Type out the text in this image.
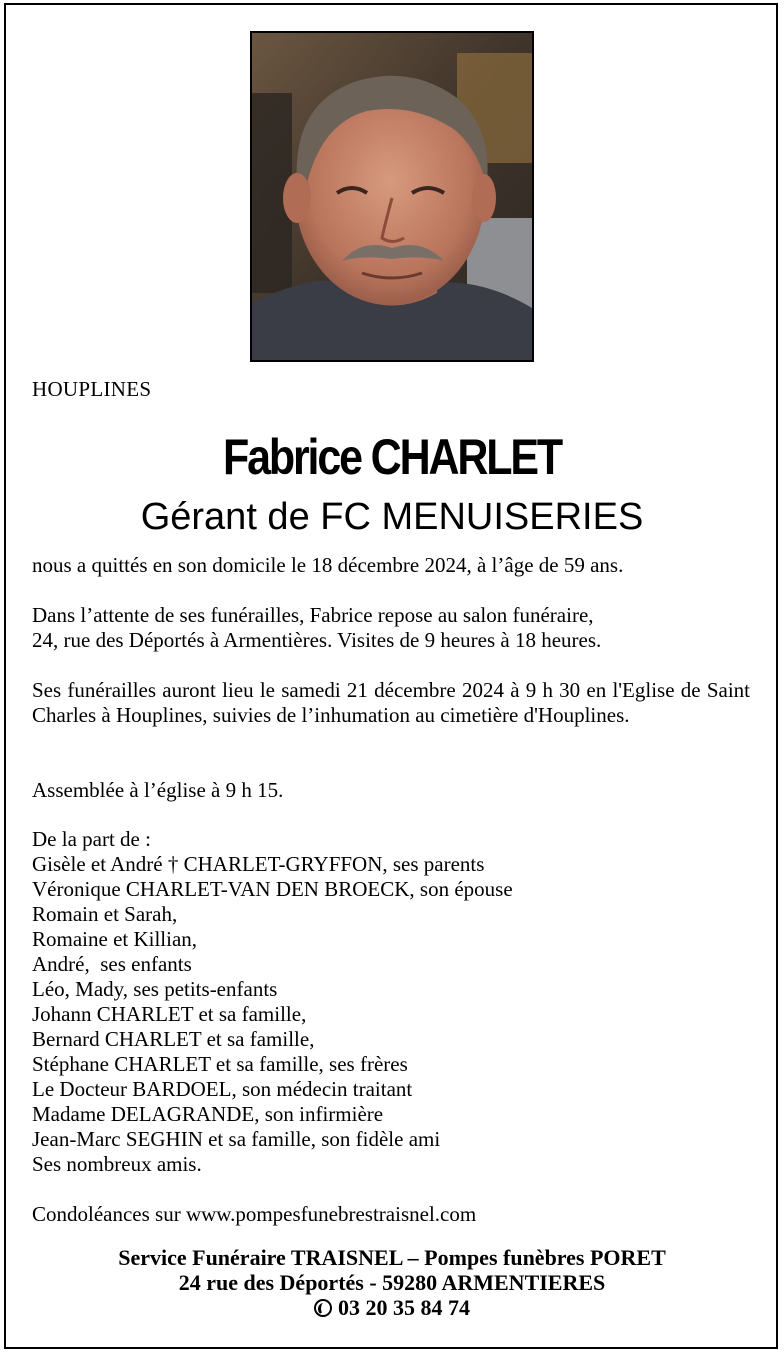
HOUPLINES
Fabrice CHARLET
Gérant de FC MENUISERIES
nous a quittés en son domicile le 18 décembre 2024, à l’âge de 59 ans.
Dans l’attente de ses funérailles, Fabrice repose au salon funéraire,
24, rue des Déportés à Armentières. Visites de 9 heures à 18 heures.
Ses funérailles auront lieu le samedi 21 décembre 2024 à 9 h 30 en l'Eglise de Saint Charles à Houplines, suivies de l’inhumation au cimetière d'Houplines.
Assemblée à l’église à 9 h 15.
De la part de :
Gisèle et André † CHARLET-GRYFFON, ses parents
Véronique CHARLET-VAN DEN BROECK, son épouse
Romain et Sarah,
Romaine et Killian,
André,  ses enfants
Léo, Mady, ses petits-enfants
Johann CHARLET et sa famille,
Bernard CHARLET et sa famille,
Stéphane CHARLET et sa famille, ses frères
Le Docteur BARDOEL, son médecin traitant
Madame DELAGRANDE, son infirmière
Jean-Marc SEGHIN et sa famille, son fidèle ami
Ses nombreux amis.
Condoléances sur www.pompesfunebrestraisnel.com
Service Funéraire TRAISNEL – Pompes funèbres PORET
24 rue des Déportés - 59280 ARMENTIERES
03 20 35 84 74
